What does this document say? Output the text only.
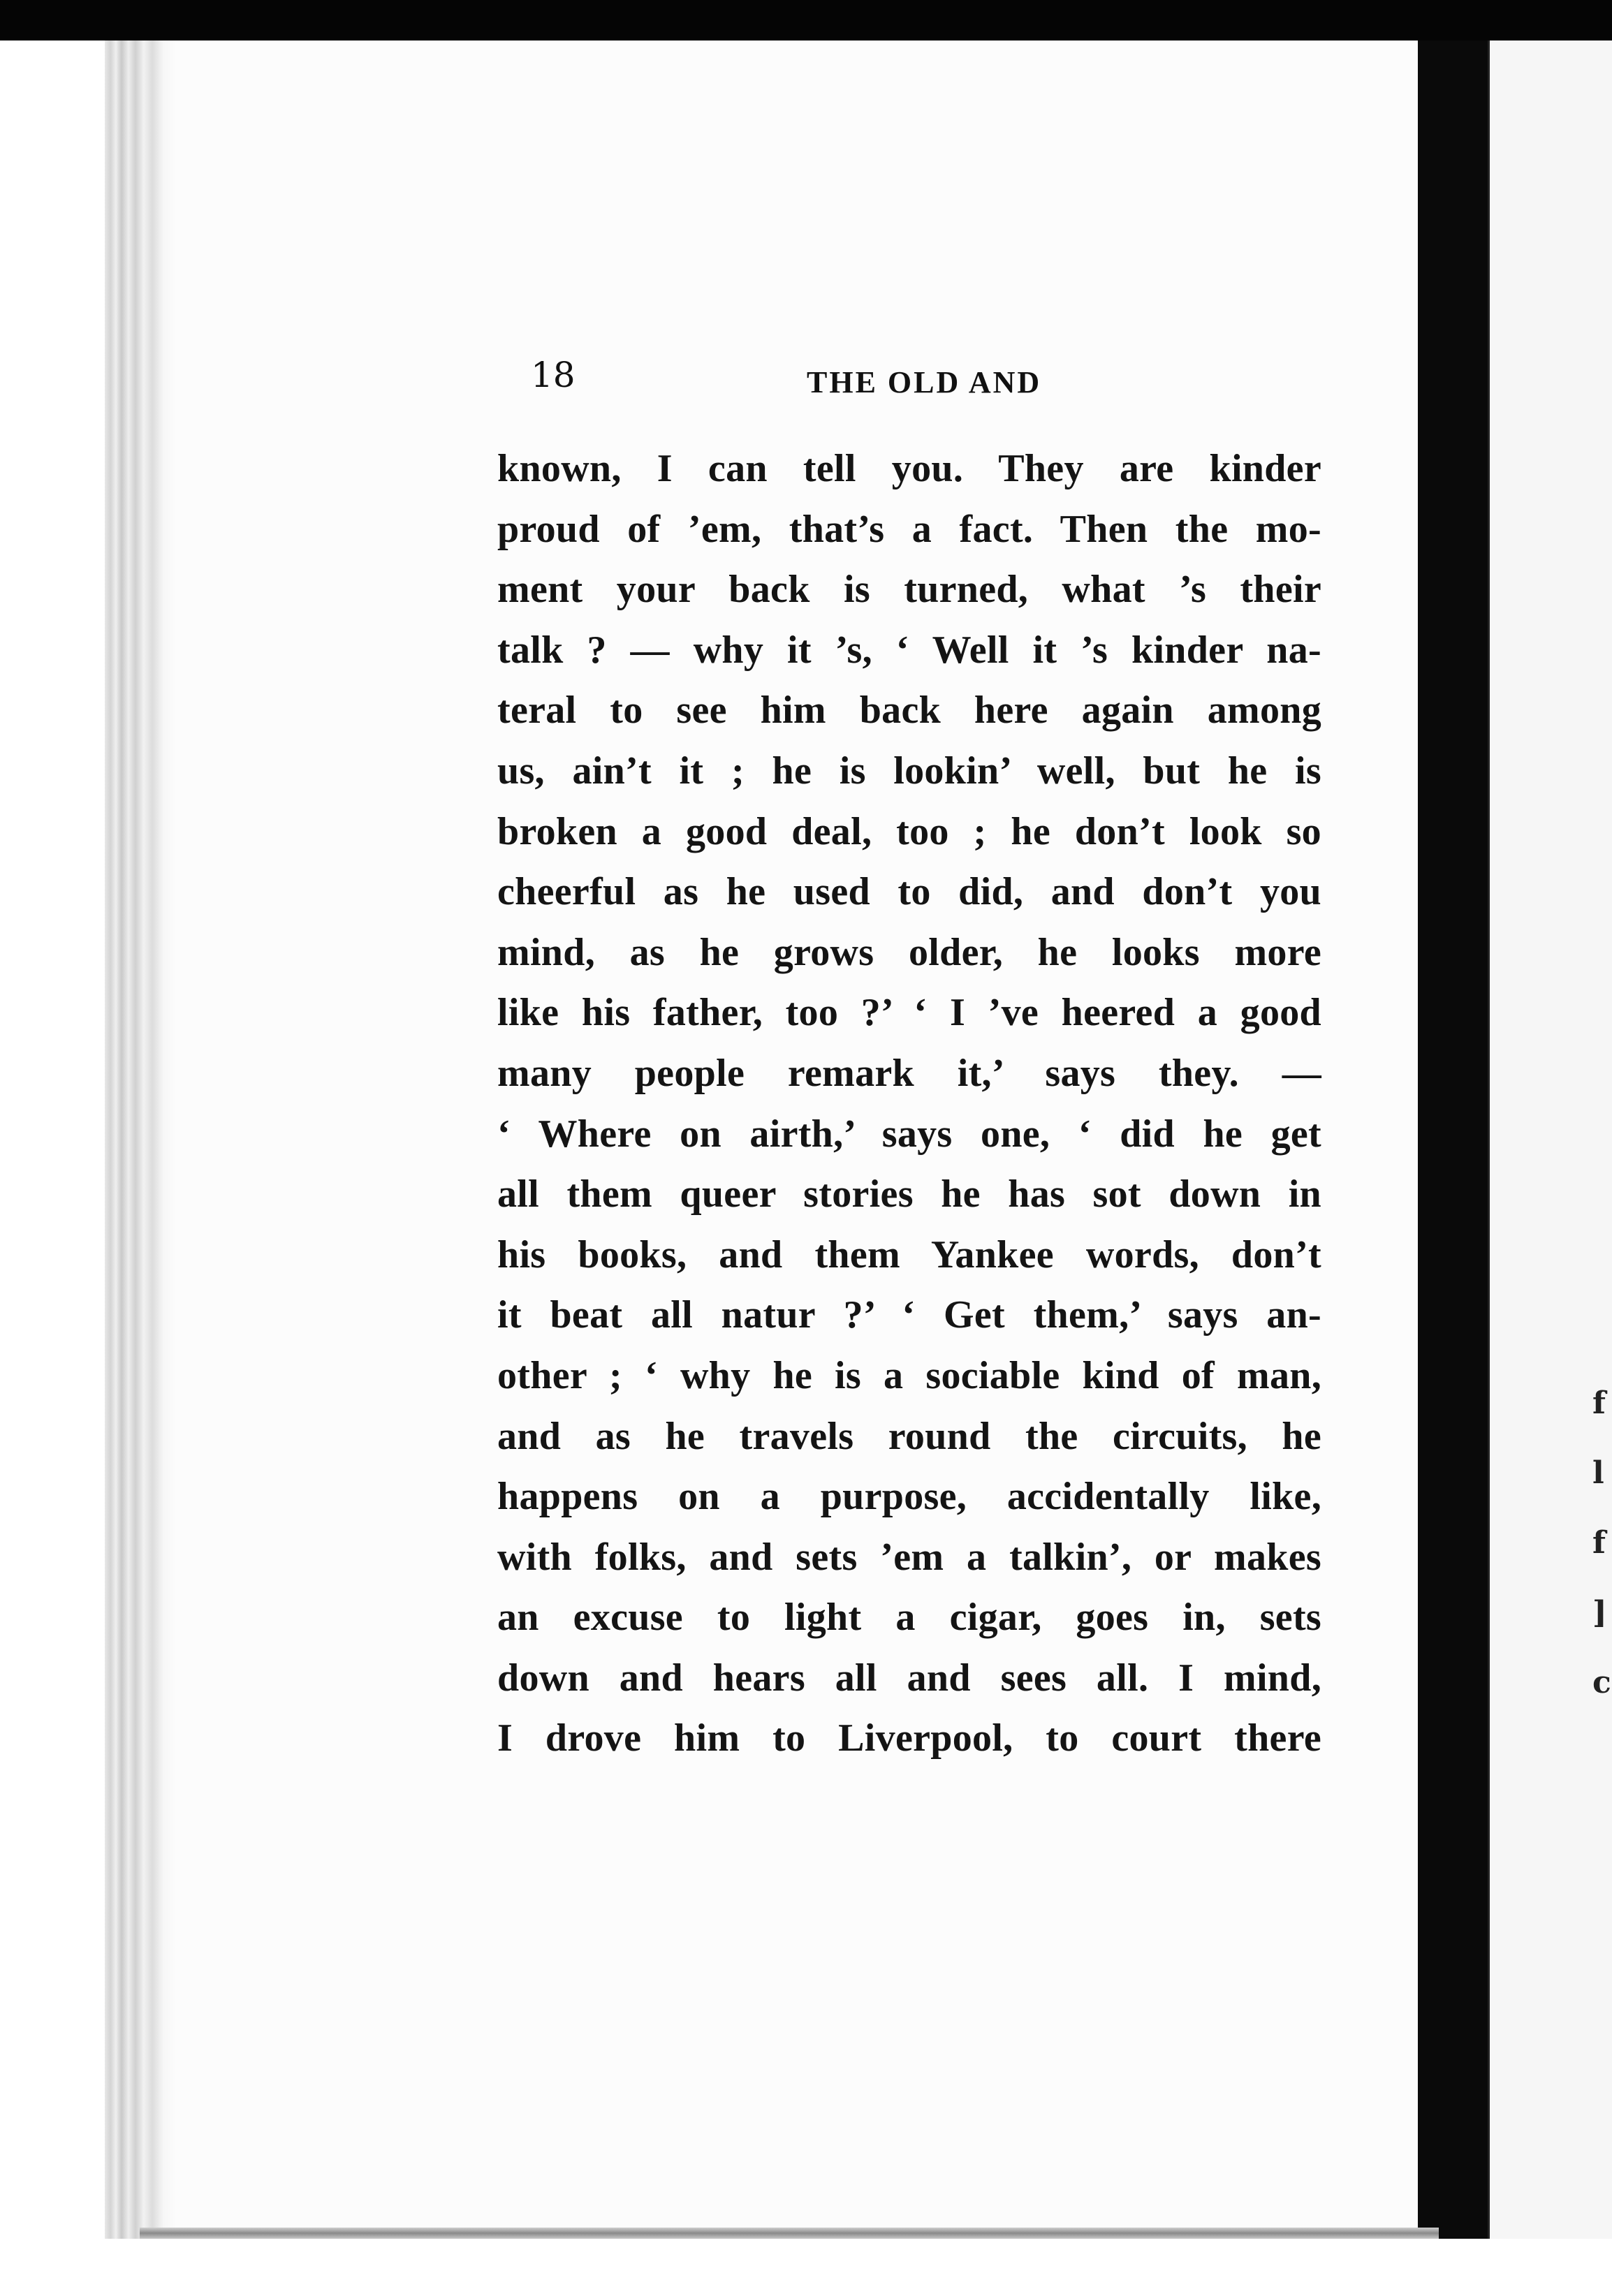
f
l
f
]
c
18	THE OLD AND
known, I can tell you. They are kinder
proud of ’em, that’s a fact. Then the mo-
ment your back is turned, what ’s their
talk ? — why it ’s, ‘ Well it ’s kinder na-
teral to see him back here again among
us, ain’t it ; he is lookin’ well, but he is
broken a good deal, too ; he don’t look so
cheerful as he used to did, and don’t you
mind, as he grows older, he looks more
like his father, too ?’ ‘ I ’ve heered a good
many people remark it,’ says they. —
‘ Where on airth,’ says one, ‘ did he get
all them queer stories he has sot down in
his books, and them Yankee words, don’t
it beat all natur ?’ ‘ Get them,’ says an-
other ; ‘ why he is a sociable kind of man,
and as he travels round the circuits, he
happens on a purpose, accidentally like,
with folks, and sets ’em a talkin’, or makes
an excuse to light a cigar, goes in, sets
down and hears all and sees all. I mind,
I drove him to Liverpool, to court there
